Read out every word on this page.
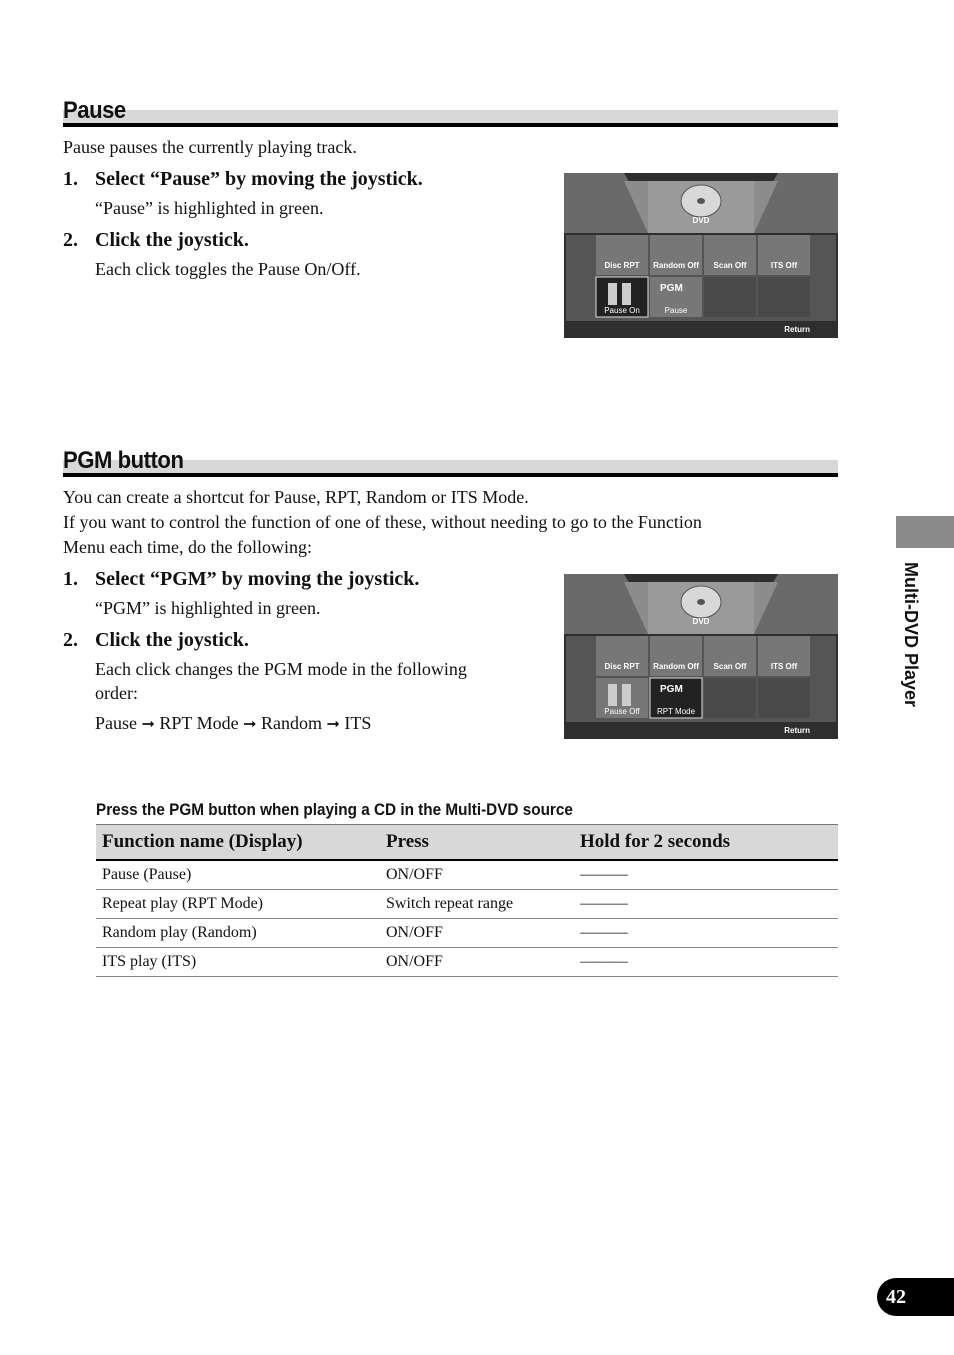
Pause
Pause pauses the currently playing track.
1. Select “Pause” by moving the joystick.
“Pause” is highlighted in green.
2. Click the joystick.
Each click toggles the Pause On/Off.
DVD
Disc RPT Random Off Scan Off	ITS Off
Pause On
PGM
Pause
Return
PGM button
You can create a shortcut for Pause, RPT, Random or ITS Mode.
If you want to control the function of one of these, without needing to go to the Function
Menu each time, do the following:
1. Select “PGM” by moving the joystick.
“PGM” is highlighted in green.
2. Click the joystick.
Each click changes the PGM mode in the following
order:
Pause ➞ RPT Mode ➞ Random ➞ ITS
DVD
Disc RPT Random Off Scan Off	ITS Off
Pause Off
PGM
RPT Mode
Return
Press the PGM button when playing a CD in the Multi-DVD source
Function name (Display)	Press	Hold for 2 seconds
Pause (Pause)	ON/OFF	———
Repeat play (RPT Mode)	Switch repeat range	———
Random play (Random)	ON/OFF	———
ITS play (ITS)	ON/OFF	———
Multi-DVD Player
42
